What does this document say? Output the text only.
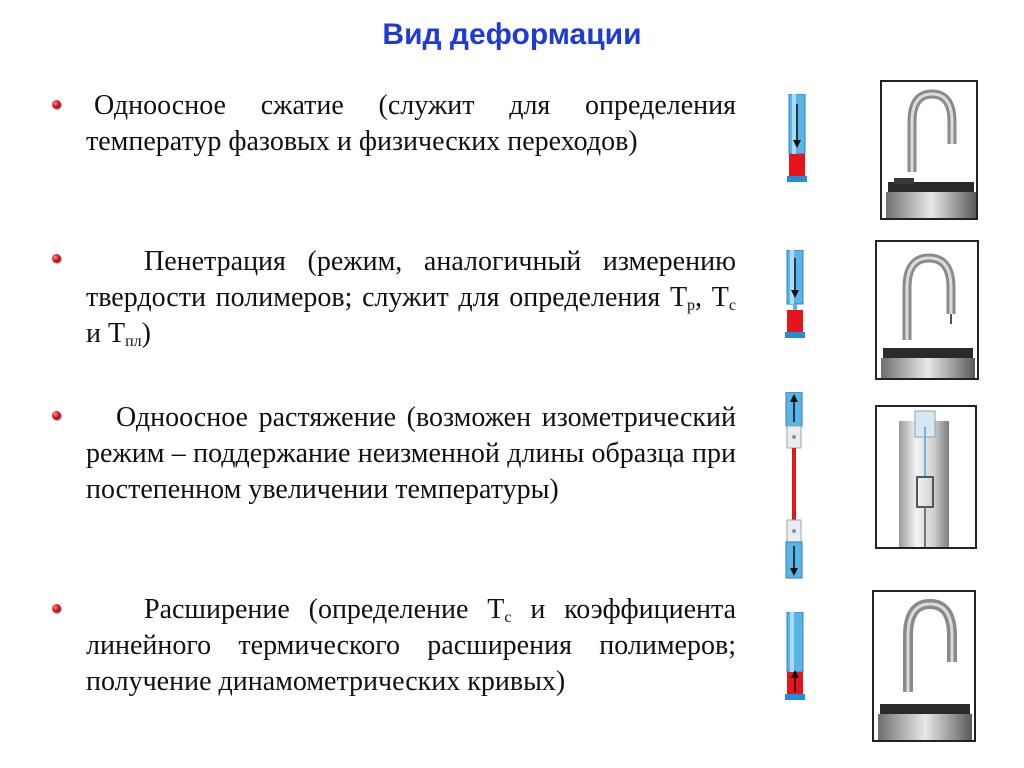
Вид деформации
Одноосное сжатие (служит для определения температур фазовых и физических переходов)
Пенетрация (режим, аналогичный измерению твердости полимеров; служит для определения $Т_р$, $Т_с$ и $Т_{пл}$)
Одноосное растяжение (возможен изометрический режим – поддержание неизменной длины образца при постепенном увеличении температуры)
Расширение (определение $Т_с$ и коэффициента линейного термического расширения полимеров; получение динамометрических кривых)
